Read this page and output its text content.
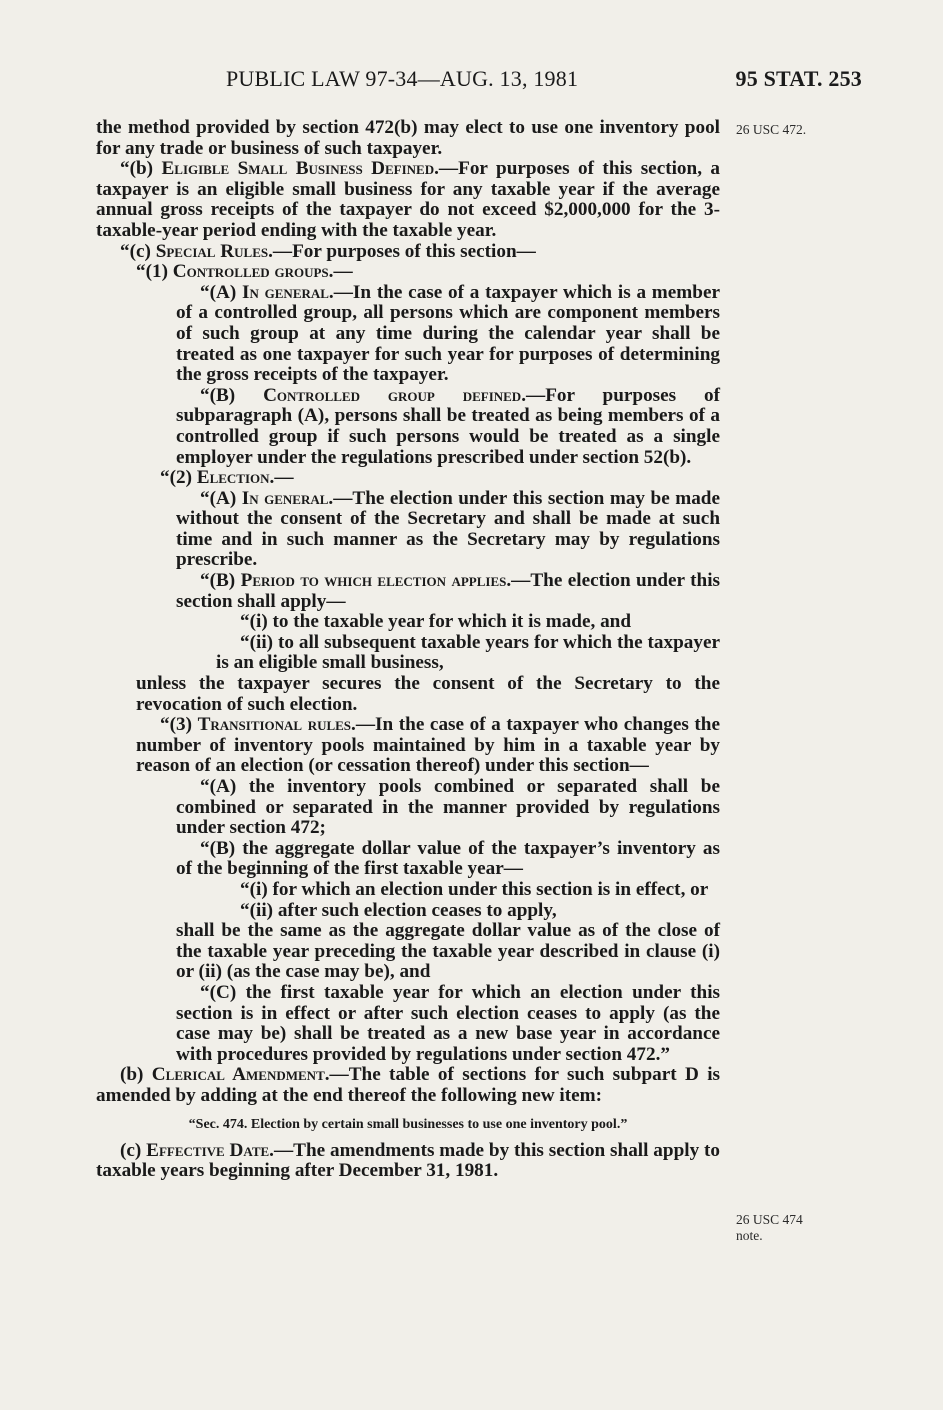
PUBLIC LAW 97-34—AUG. 13, 1981	95 STAT. 253
26 USC 472.
26 USC 474
note.

the method provided by section 472(b) may elect to use one inventory pool for any trade or business of such taxpayer.

“(b) Eligible Small Business Defined.—For purposes of this section, a taxpayer is an eligible small business for any taxable year if the average annual gross receipts of the taxpayer do not exceed $2,000,000 for the 3-taxable-year period ending with the taxable year.

“(c) Special Rules.—For purposes of this section—

“(1) Controlled groups.—

“(A) In general.—In the case of a taxpayer which is a member of a controlled group, all persons which are component members of such group at any time during the calendar year shall be treated as one taxpayer for such year for purposes of determining the gross receipts of the taxpayer.

“(B) Controlled group defined.—For purposes of subparagraph (A), persons shall be treated as being members of a controlled group if such persons would be treated as a single employer under the regulations prescribed under section 52(b).

“(2) Election.—

“(A) In general.—The election under this section may be made without the consent of the Secretary and shall be made at such time and in such manner as the Secretary may by regulations prescribe.

“(B) Period to which election applies.—The election under this section shall apply—

“(i) to the taxable year for which it is made, and

“(ii) to all subsequent taxable years for which the taxpayer is an eligible small business,

unless the taxpayer secures the consent of the Secretary to the revocation of such election.

“(3) Transitional rules.—In the case of a taxpayer who changes the number of inventory pools maintained by him in a taxable year by reason of an election (or cessation thereof) under this section—

“(A) the inventory pools combined or separated shall be combined or separated in the manner provided by regulations under section 472;

“(B) the aggregate dollar value of the taxpayer’s inventory as of the beginning of the first taxable year—

“(i) for which an election under this section is in effect, or

“(ii) after such election ceases to apply,

shall be the same as the aggregate dollar value as of the close of the taxable year preceding the taxable year described in clause (i) or (ii) (as the case may be), and

“(C) the first taxable year for which an election under this section is in effect or after such election ceases to apply (as the case may be) shall be treated as a new base year in accordance with procedures provided by regulations under section 472.”

(b) Clerical Amendment.—The table of sections for such subpart D is amended by adding at the end thereof the following new item:

“Sec. 474. Election by certain small businesses to use one inventory pool.”

(c) Effective Date.—The amendments made by this section shall apply to taxable years beginning after December 31, 1981.
